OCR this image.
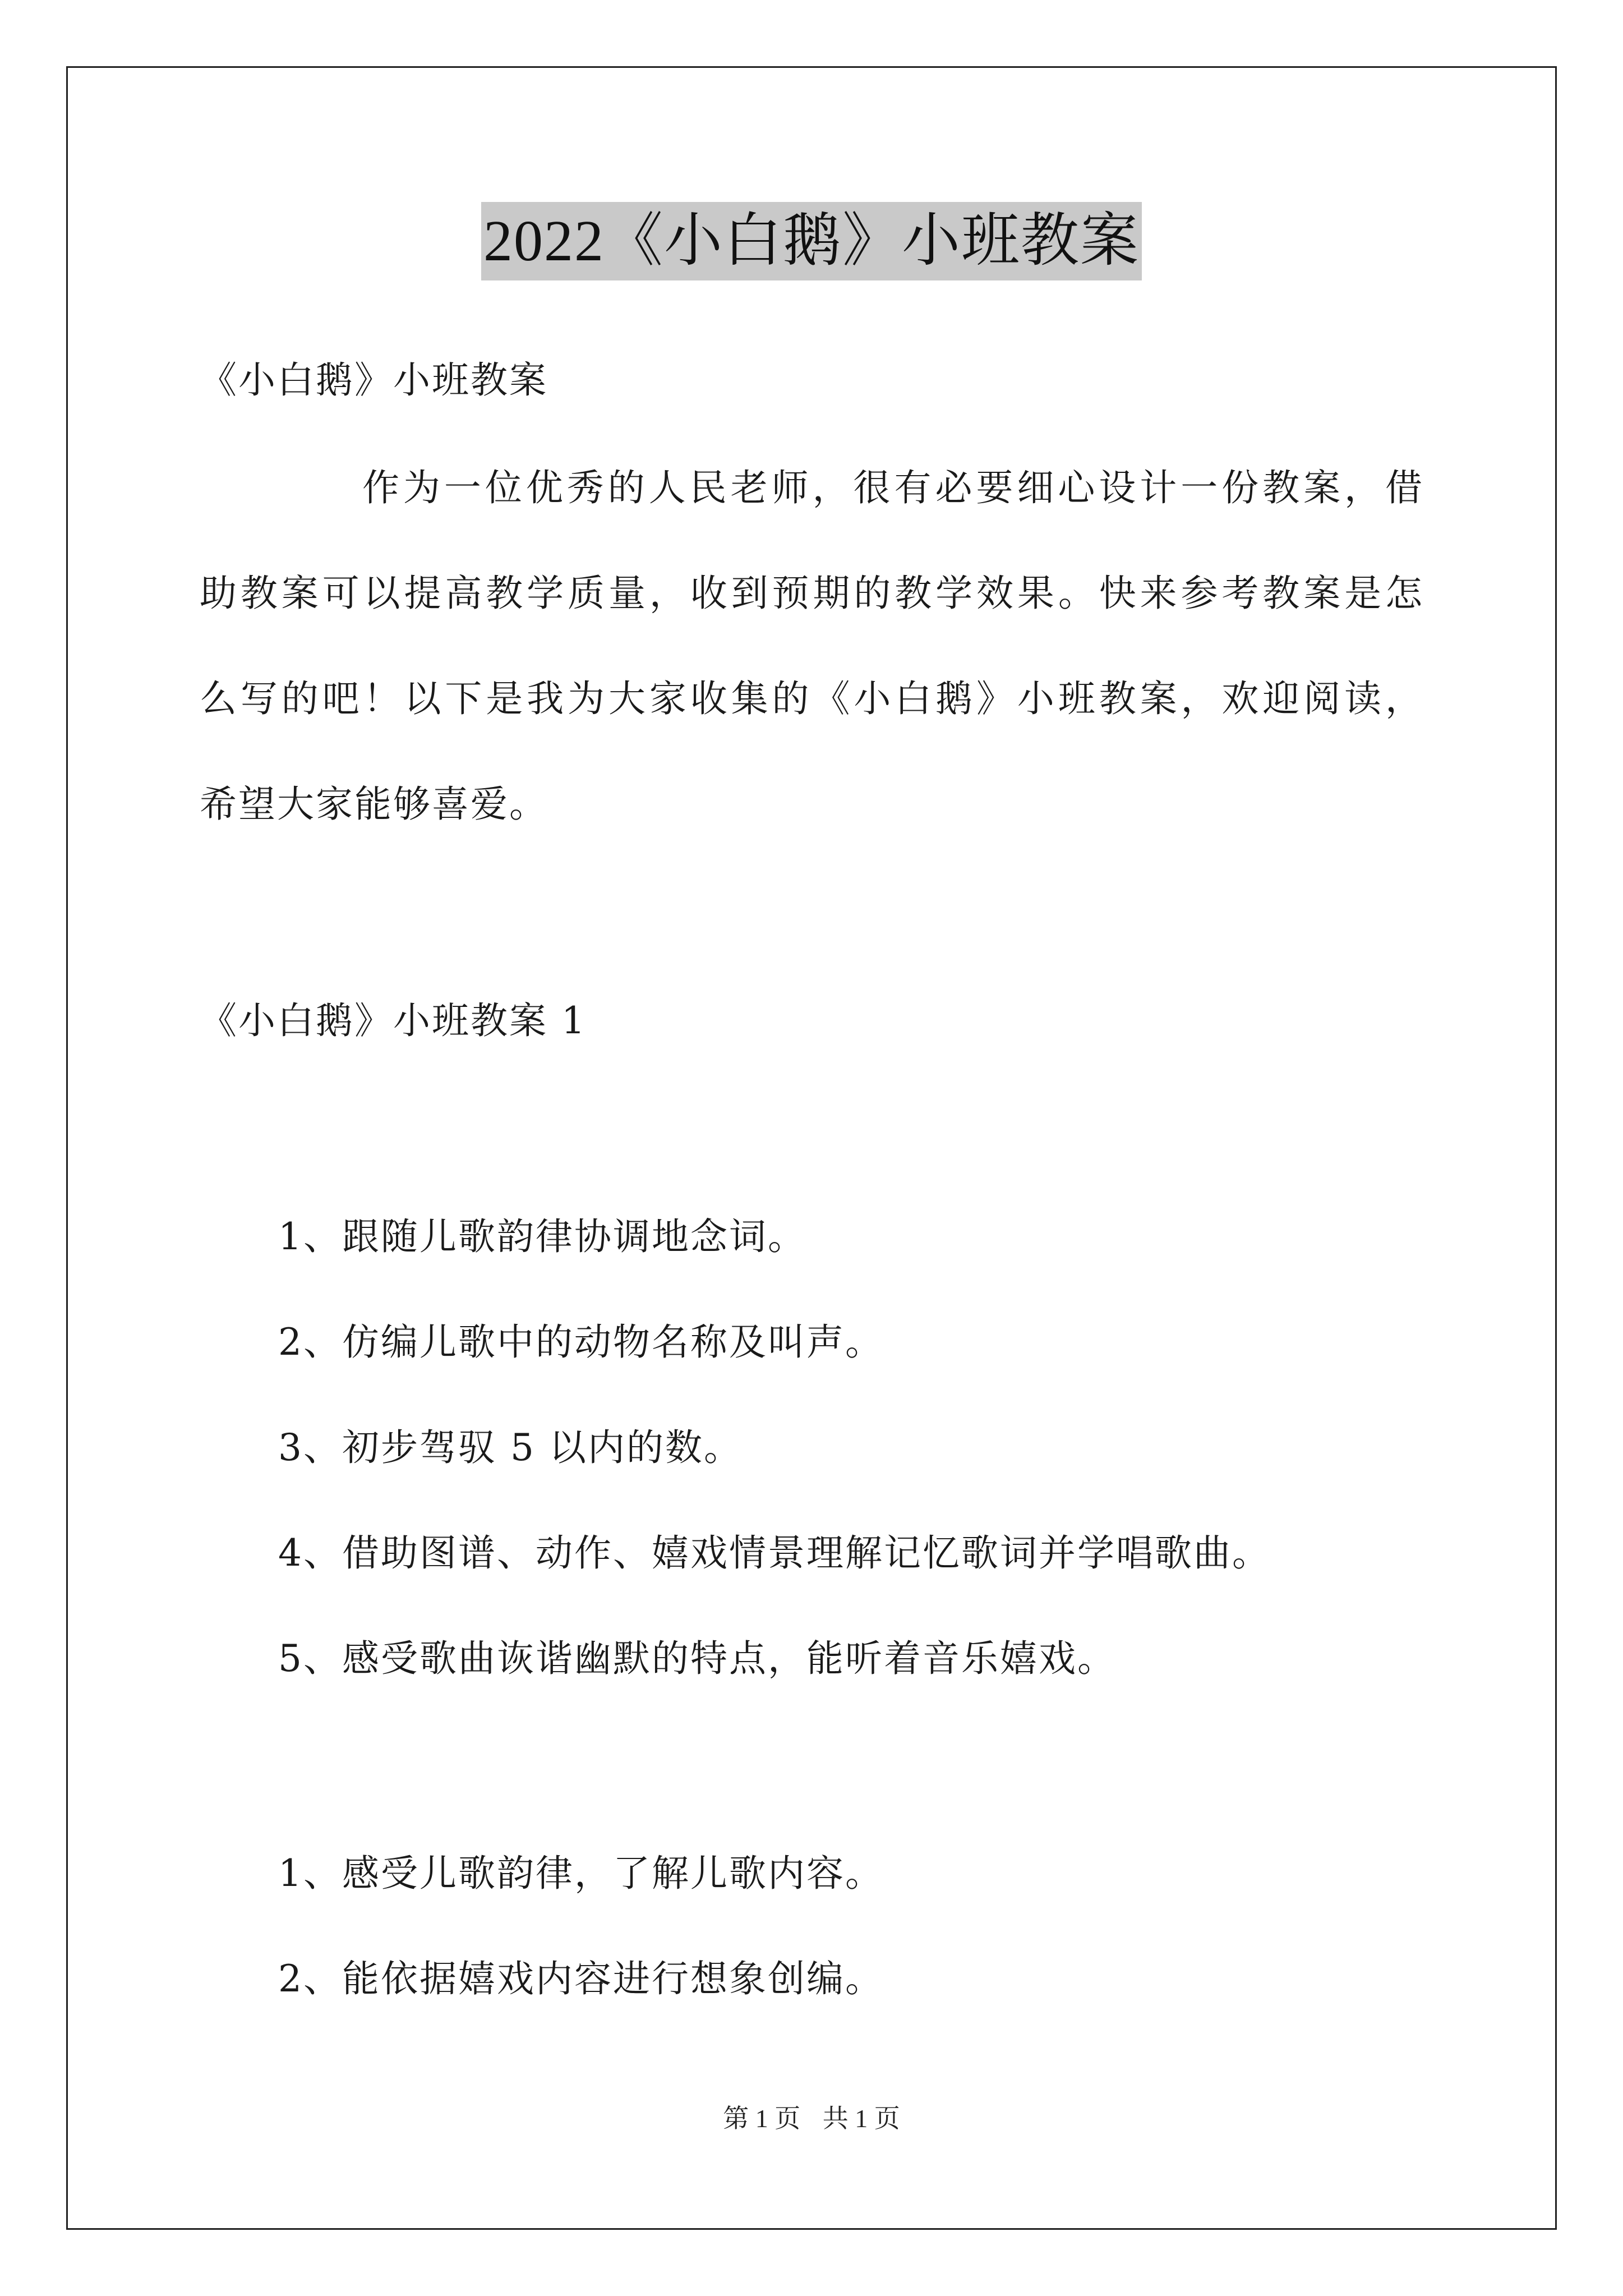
2022《小白鹅》小班教案
《小白鹅》小班教案
作为一位优秀的人民老师，很有必要细心设计一份教案，借
助教案可以提高教学质量，收到预期的教学效果。快来参考教案是怎
么写的吧！以下是我为大家收集的《小白鹅》小班教案，欢迎阅读，
希望大家能够喜爱。
《小白鹅》小班教案 1
1、跟随儿歌韵律协调地念词。
2、仿编儿歌中的动物名称及叫声。
3、初步驾驭 5 以内的数。
4、借助图谱、动作、嬉戏情景理解记忆歌词并学唱歌曲。
5、感受歌曲诙谐幽默的特点，能听着音乐嬉戏。
1、感受儿歌韵律，了解儿歌内容。
2、能依据嬉戏内容进行想象创编。
第 1 页 共 1 页
